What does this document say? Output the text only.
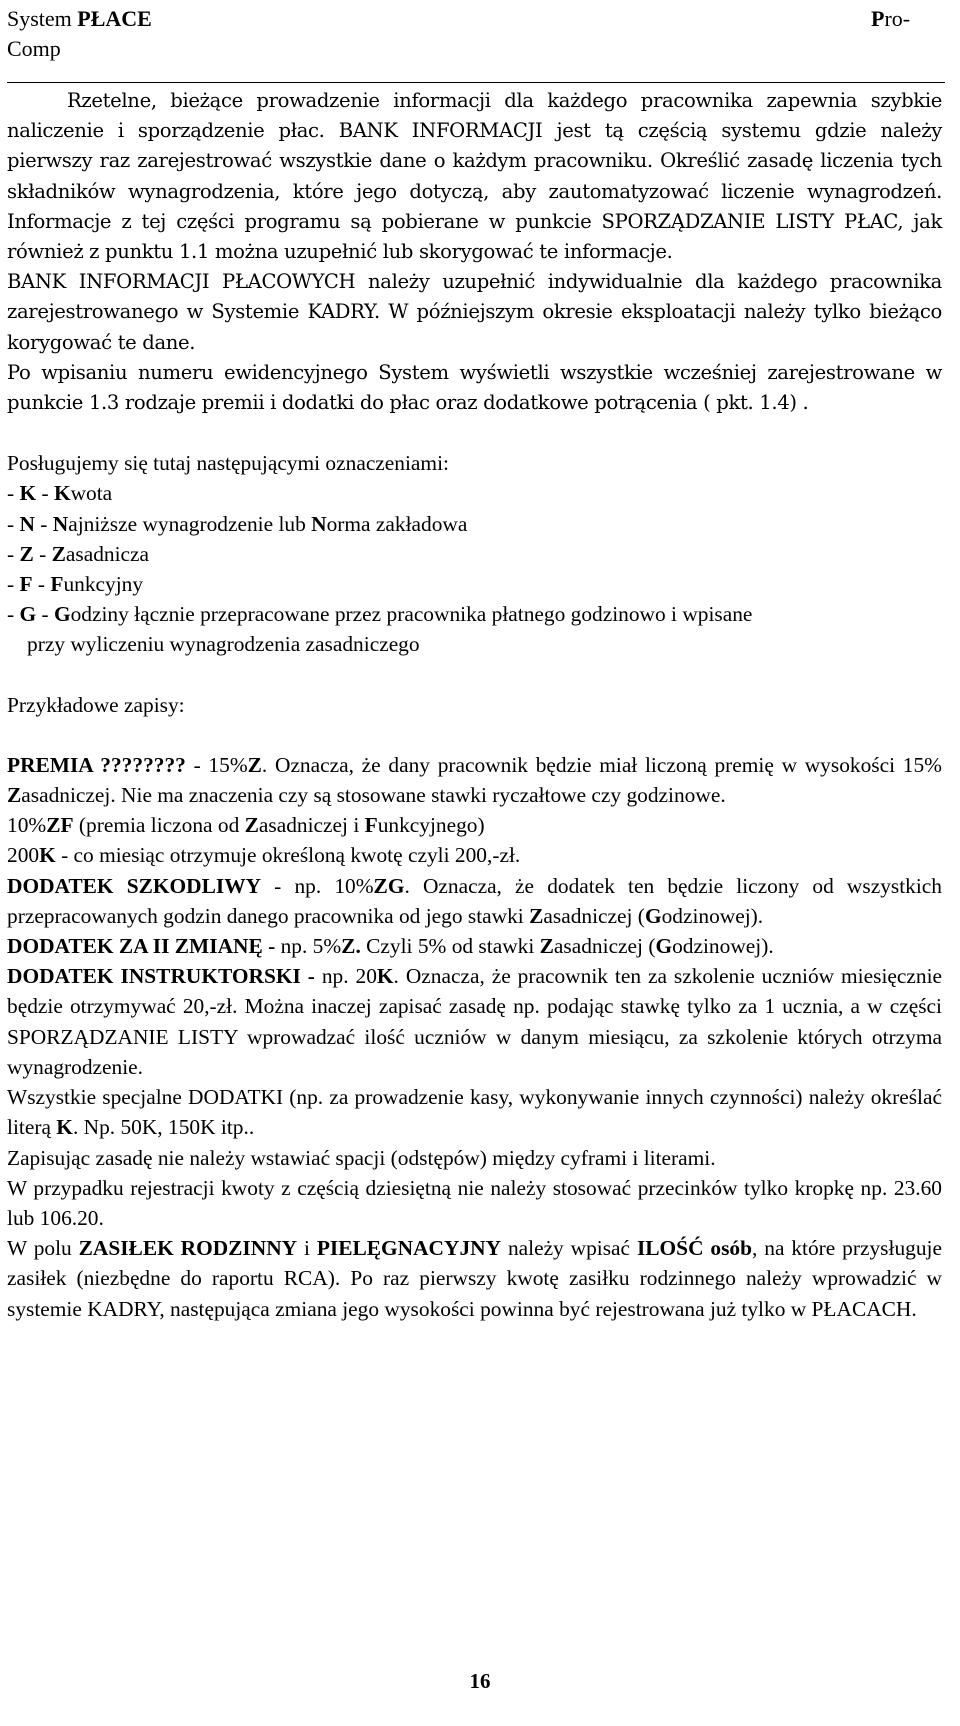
System PŁACE
Comp
Pro-

Rzetelne, bieżące prowadzenie informacji dla każdego pracownika zapewnia szybkie naliczenie i sporządzenie płac. BANK INFORMACJI jest tą częścią systemu gdzie należy pierwszy raz zarejestrować wszystkie dane o każdym pracowniku. Określić zasadę liczenia tych składników wynagrodzenia, które jego dotyczą, aby zautomatyzować liczenie wynagrodzeń. Informacje z tej części programu są pobierane w punkcie SPORZĄDZANIE LISTY PŁAC, jak również z punktu 1.1 można uzupełnić lub skorygować te informacje.

BANK INFORMACJI PŁACOWYCH należy uzupełnić indywidualnie dla każdego pracownika zarejestrowanego w Systemie KADRY. W późniejszym okresie eksploatacji należy tylko bieżąco korygować te dane.

Po wpisaniu numeru ewidencyjnego System wyświetli wszystkie wcześniej zarejestrowane w punkcie 1.3 rodzaje premii i dodatki do płac oraz dodatkowe potrącenia ( pkt. 1.4) .

Posługujemy się tutaj następującymi oznaczeniami:

- K - Kwota

- N - Najniższe wynagrodzenie lub Norma zakładowa

- Z - Zasadnicza

- F - Funkcyjny

- G - Godziny łącznie przepracowane przez pracownika płatnego godzinowo i wpisane

przy wyliczeniu wynagrodzenia zasadniczego

Przykładowe zapisy:

PREMIA ???????? - 15%Z. Oznacza, że dany pracownik będzie miał liczoną premię w wysokości 15% Zasadniczej. Nie ma znaczenia czy są stosowane stawki ryczałtowe czy godzinowe.

10%ZF (premia liczona od Zasadniczej i Funkcyjnego)

200K - co miesiąc otrzymuje określoną kwotę czyli 200,-zł.

DODATEK SZKODLIWY - np. 10%ZG. Oznacza, że dodatek ten będzie liczony od wszystkich przepracowanych godzin danego pracownika od jego stawki Zasadniczej (Godzinowej).

DODATEK ZA II ZMIANĘ - np. 5%Z. Czyli 5% od stawki Zasadniczej (Godzinowej).

DODATEK INSTRUKTORSKI - np. 20K. Oznacza, że pracownik ten za szkolenie uczniów miesięcznie będzie otrzymywać 20,-zł. Można inaczej zapisać zasadę np. podając stawkę tylko za 1 ucznia, a w części SPORZĄDZANIE LISTY wprowadzać ilość uczniów w danym miesiącu, za szkolenie których otrzyma wynagrodzenie.

Wszystkie specjalne DODATKI (np. za prowadzenie kasy, wykonywanie innych czynności) należy określać literą K. Np. 50K, 150K itp..

Zapisując zasadę nie należy wstawiać spacji (odstępów) między cyframi i literami.

W przypadku rejestracji kwoty z częścią dziesiętną nie należy stosować przecinków tylko kropkę np. 23.60 lub 106.20.

W polu ZASIŁEK RODZINNY i PIELĘGNACYJNY należy wpisać ILOŚĆ osób, na które przysługuje zasiłek (niezbędne do raportu RCA). Po raz pierwszy kwotę zasiłku rodzinnego należy wprowadzić w systemie KADRY, następująca zmiana jego wysokości powinna być rejestrowana już tylko w PŁACACH.

16
